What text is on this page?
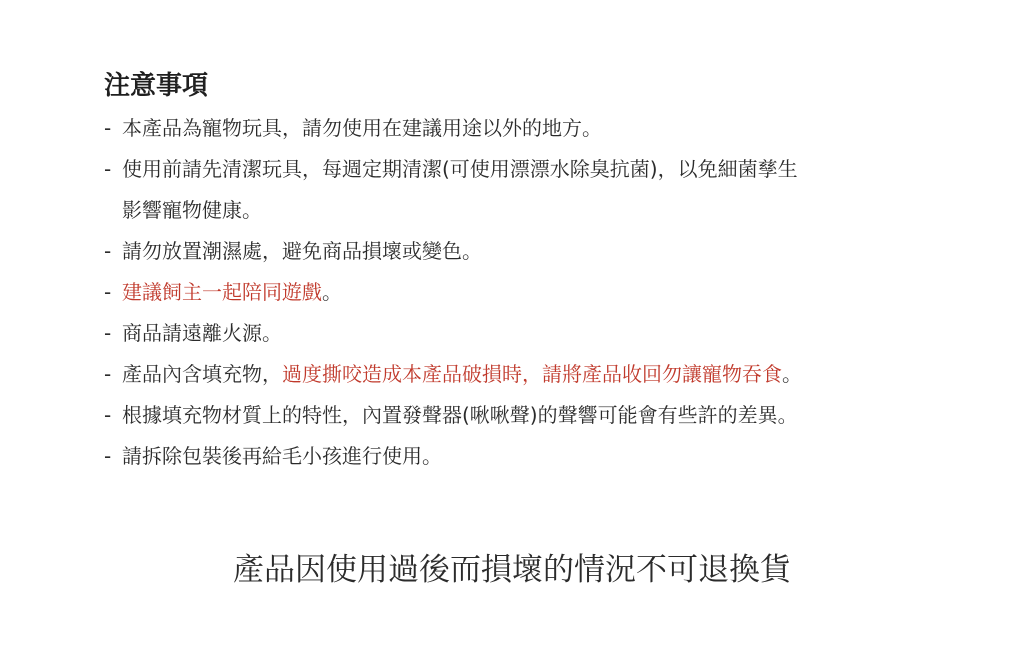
注意事項
- 本產品為寵物玩具，請勿使用在建議用途以外的地方。
- 使用前請先清潔玩具，每週定期清潔(可使用漂漂水除臭抗菌)，以免細菌孳生
影響寵物健康。
- 請勿放置潮濕處，避免商品損壞或變色。
- 建議飼主一起陪同遊戲。
- 商品請遠離火源。
- 產品內含填充物，過度撕咬造成本產品破損時，請將產品收回勿讓寵物吞食。
- 根據填充物材質上的特性，內置發聲器(啾啾聲)的聲響可能會有些許的差異。
- 請拆除包裝後再給毛小孩進行使用。
產品因使用過後而損壞的情況不可退換貨
